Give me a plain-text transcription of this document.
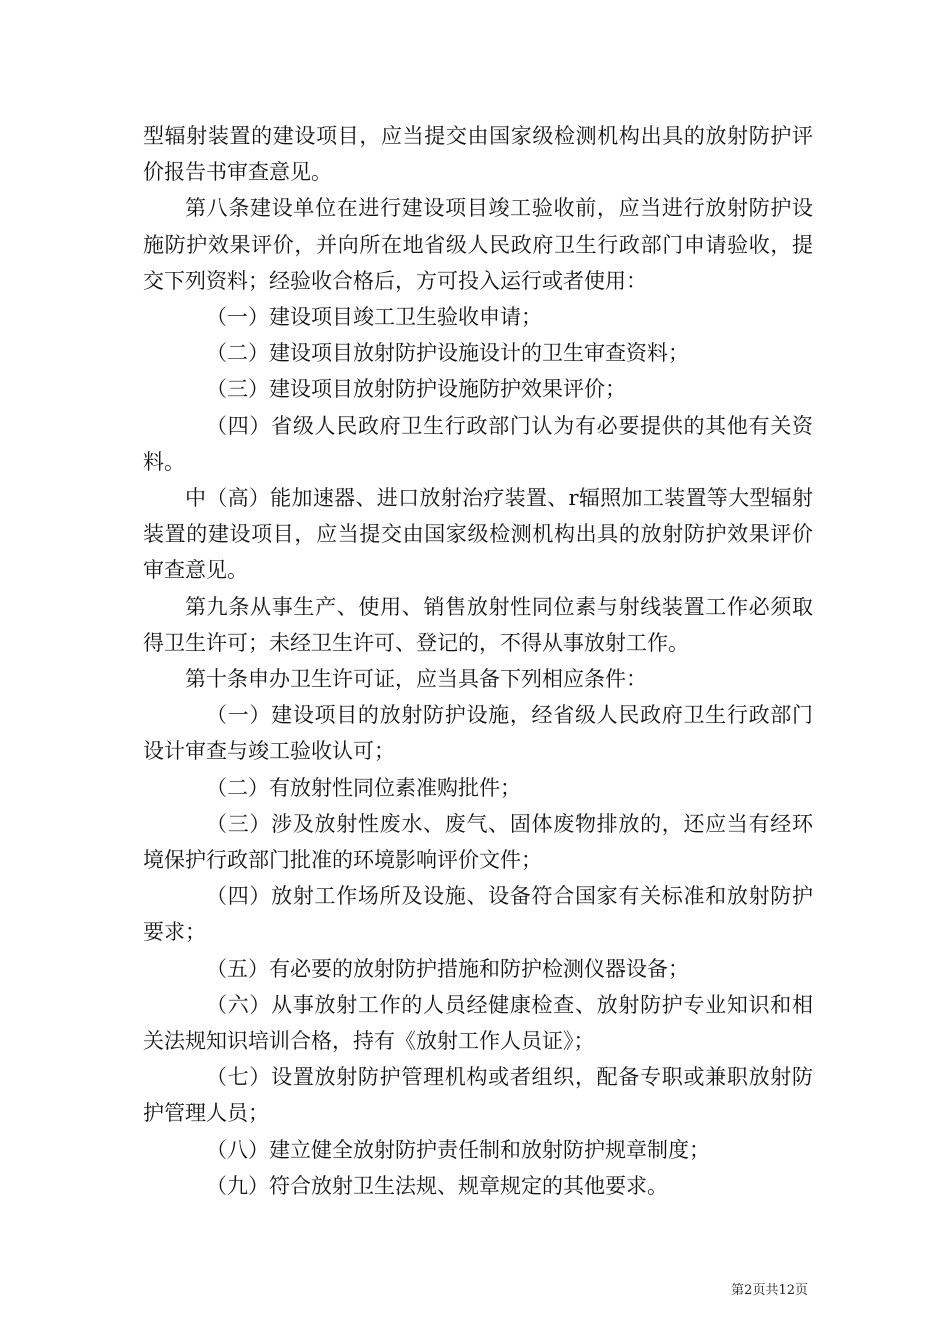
型辐射装置的建设项目，应当提交由国家级检测机构出具的放射防护评价报告书审查意见。

第八条建设单位在进行建设项目竣工验收前，应当进行放射防护设施防护效果评价，并向所在地省级人民政府卫生行政部门申请验收，提交下列资料；经验收合格后，方可投入运行或者使用：

（一）建设项目竣工卫生验收申请；

（二）建设项目放射防护设施设计的卫生审查资料；

（三）建设项目放射防护设施防护效果评价；

（四）省级人民政府卫生行政部门认为有必要提供的其他有关资料。

中（高）能加速器、进口放射治疗装置、r辐照加工装置等大型辐射装置的建设项目，应当提交由国家级检测机构出具的放射防护效果评价审查意见。

第九条从事生产、使用、销售放射性同位素与射线装置工作必须取得卫生许可；未经卫生许可、登记的，不得从事放射工作。

第十条申办卫生许可证，应当具备下列相应条件：

（一）建设项目的放射防护设施，经省级人民政府卫生行政部门设计审查与竣工验收认可；

（二）有放射性同位素准购批件；

（三）涉及放射性废水、废气、固体废物排放的，还应当有经环境保护行政部门批准的环境影响评价文件；

（四）放射工作场所及设施、设备符合国家有关标准和放射防护要求；

（五）有必要的放射防护措施和防护检测仪器设备；

（六）从事放射工作的人员经健康检查、放射防护专业知识和相关法规知识培训合格，持有《放射工作人员证》；

（七）设置放射防护管理机构或者组织，配备专职或兼职放射防护管理人员；

（八）建立健全放射防护责任制和放射防护规章制度；

（九）符合放射卫生法规、规章规定的其他要求。

第2页共12页
